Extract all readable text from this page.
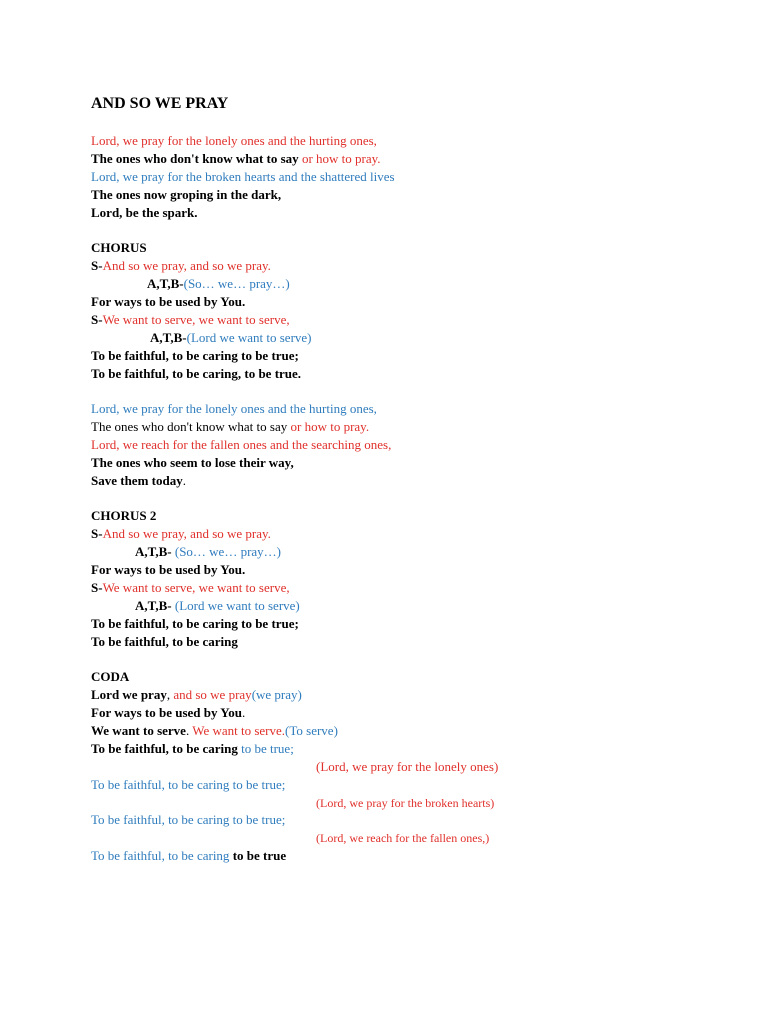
AND SO WE PRAY

Lord, we pray for the lonely ones and the hurting ones,

The ones who don't know what to say or how to pray.

Lord, we pray for the broken hearts and the shattered lives

The ones now groping in the dark,

Lord, be the spark.

CHORUS

S-And so we pray, and so we pray.

A,T,B-(So… we… pray…)

For ways to be used by You.

S-We want to serve, we want to serve,

A,T,B-(Lord we want to serve)

To be faithful, to be caring to be true;

To be faithful, to be caring, to be true.

Lord, we pray for the lonely ones and the hurting ones,

The ones who don't know what to say or how to pray.

Lord, we reach for the fallen ones and the searching ones,

The ones who seem to lose their way,

Save them today.

CHORUS 2

S-And so we pray, and so we pray.

A,T,B- (So… we… pray…)

For ways to be used by You.

S-We want to serve, we want to serve,

A,T,B- (Lord we want to serve)

To be faithful, to be caring to be true;

To be faithful, to be caring

CODA

Lord we pray, and so we pray(we pray)

For ways to be used by You.

We want to serve. We want to serve.(To serve)

To be faithful, to be caring to be true;

(Lord, we pray for the lonely ones)

To be faithful, to be caring to be true;

(Lord, we pray for the broken hearts)

To be faithful, to be caring to be true;

(Lord, we reach for the fallen ones,)

To be faithful, to be caring to be true
